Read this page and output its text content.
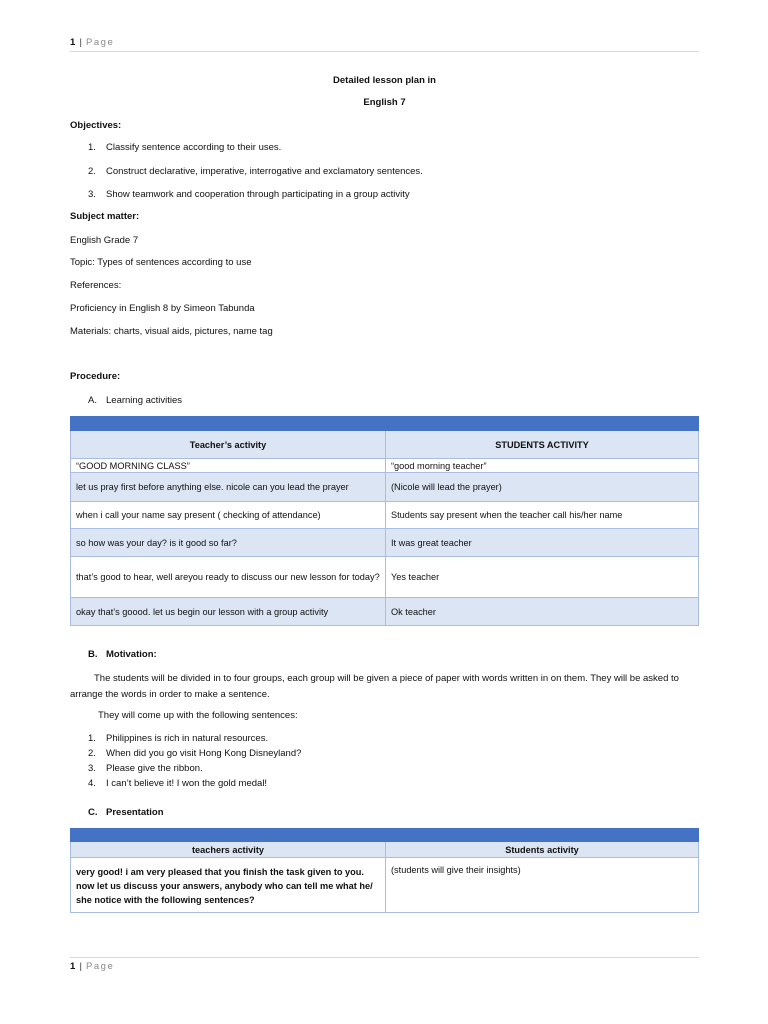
1 | Page
Detailed lesson plan in
English 7
Objectives:
1. Classify sentence according to their uses.
2. Construct declarative, imperative, interrogative and exclamatory sentences.
3. Show teamwork and cooperation through participating in a group activity
Subject matter:
English Grade 7
Topic: Types of sentences according to use
References:
Proficiency in English 8 by Simeon Tabunda
Materials: charts, visual aids, pictures, name tag
Procedure:
A. Learning activities

Teacher’s activity	STUDENTS ACTIVITY
“GOOD MORNING CLASS”	“good morning teacher”
let us pray first before anything else. nicole can you lead the prayer	(Nicole will lead the prayer)
when i call your name say present ( checking of attendance)	Students say present when the teacher call his/her name
so how was your day? is it good so far?	It was great teacher
that’s good to hear, well areyou ready to discuss our new lesson for today?	Yes teacher
okay that’s goood. let us begin our lesson with a group activity	Ok teacher
B. Motivation:
The students will be divided in to four groups, each group will be given a piece of paper with words written in on them. They will be asked to arrange the words in order to make a sentence.
They will come up with the following sentences:
1. Philippines is rich in natural resources.
2. When did you go visit Hong Kong Disneyland?
3. Please give the ribbon.
4. I can’t believe it! I won the gold medal!
C. Presentation

teachers activity	Students activity
very good! i am very pleased that you finish the task given to you. now let us discuss your answers, anybody who can tell me what he/ she notice with the following sentences?	(students will give their insights)
1 | Page
